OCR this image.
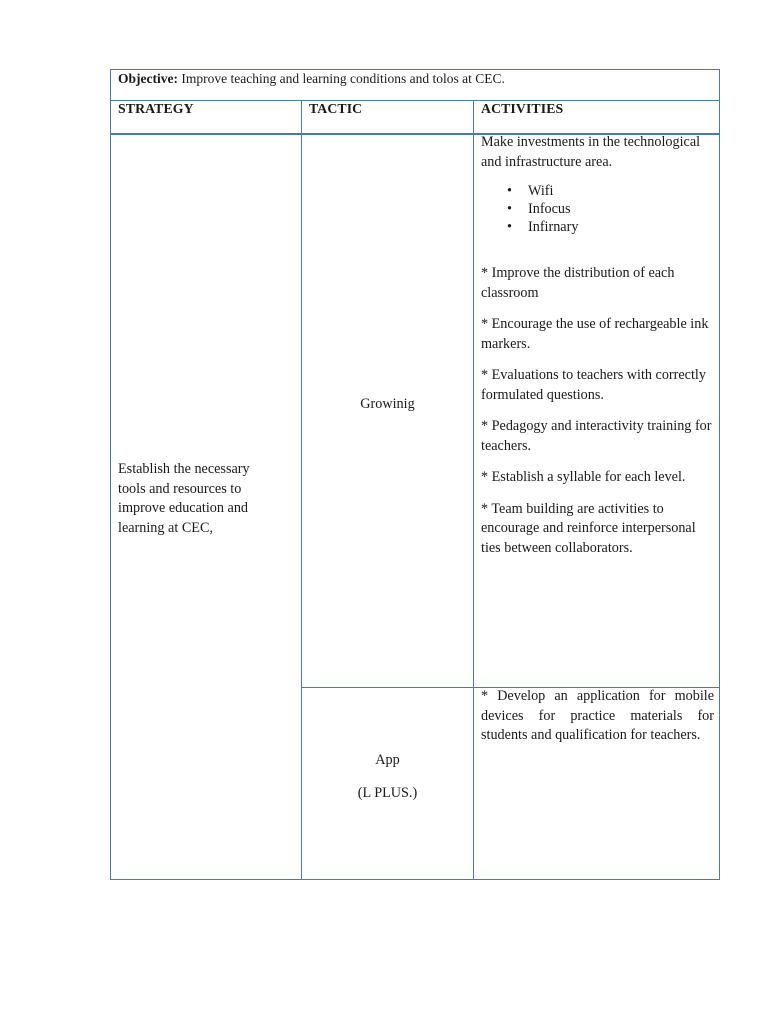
Objective: Improve teaching and learning conditions and tolos at CEC.
STRATEGY	TACTIC	ACTIVITIES
Establish the necessary tools and resources to improve education and learning at CEC,
Growinig
App
(L PLUS.)
Make investments in the technological and infrastructure area.
• Wifi
• Infocus
• Infirnary

* Improve the distribution of each classroom

* Encourage the use of rechargeable ink markers.

* Evaluations to teachers with correctly formulated questions.

* Pedagogy and interactivity training for teachers.

* Establish a syllable for each level.

* Team building are activities to encourage and reinforce interpersonal ties between collaborators.

* Develop an application for mobile devices for practice materials for students and qualification for teachers.
